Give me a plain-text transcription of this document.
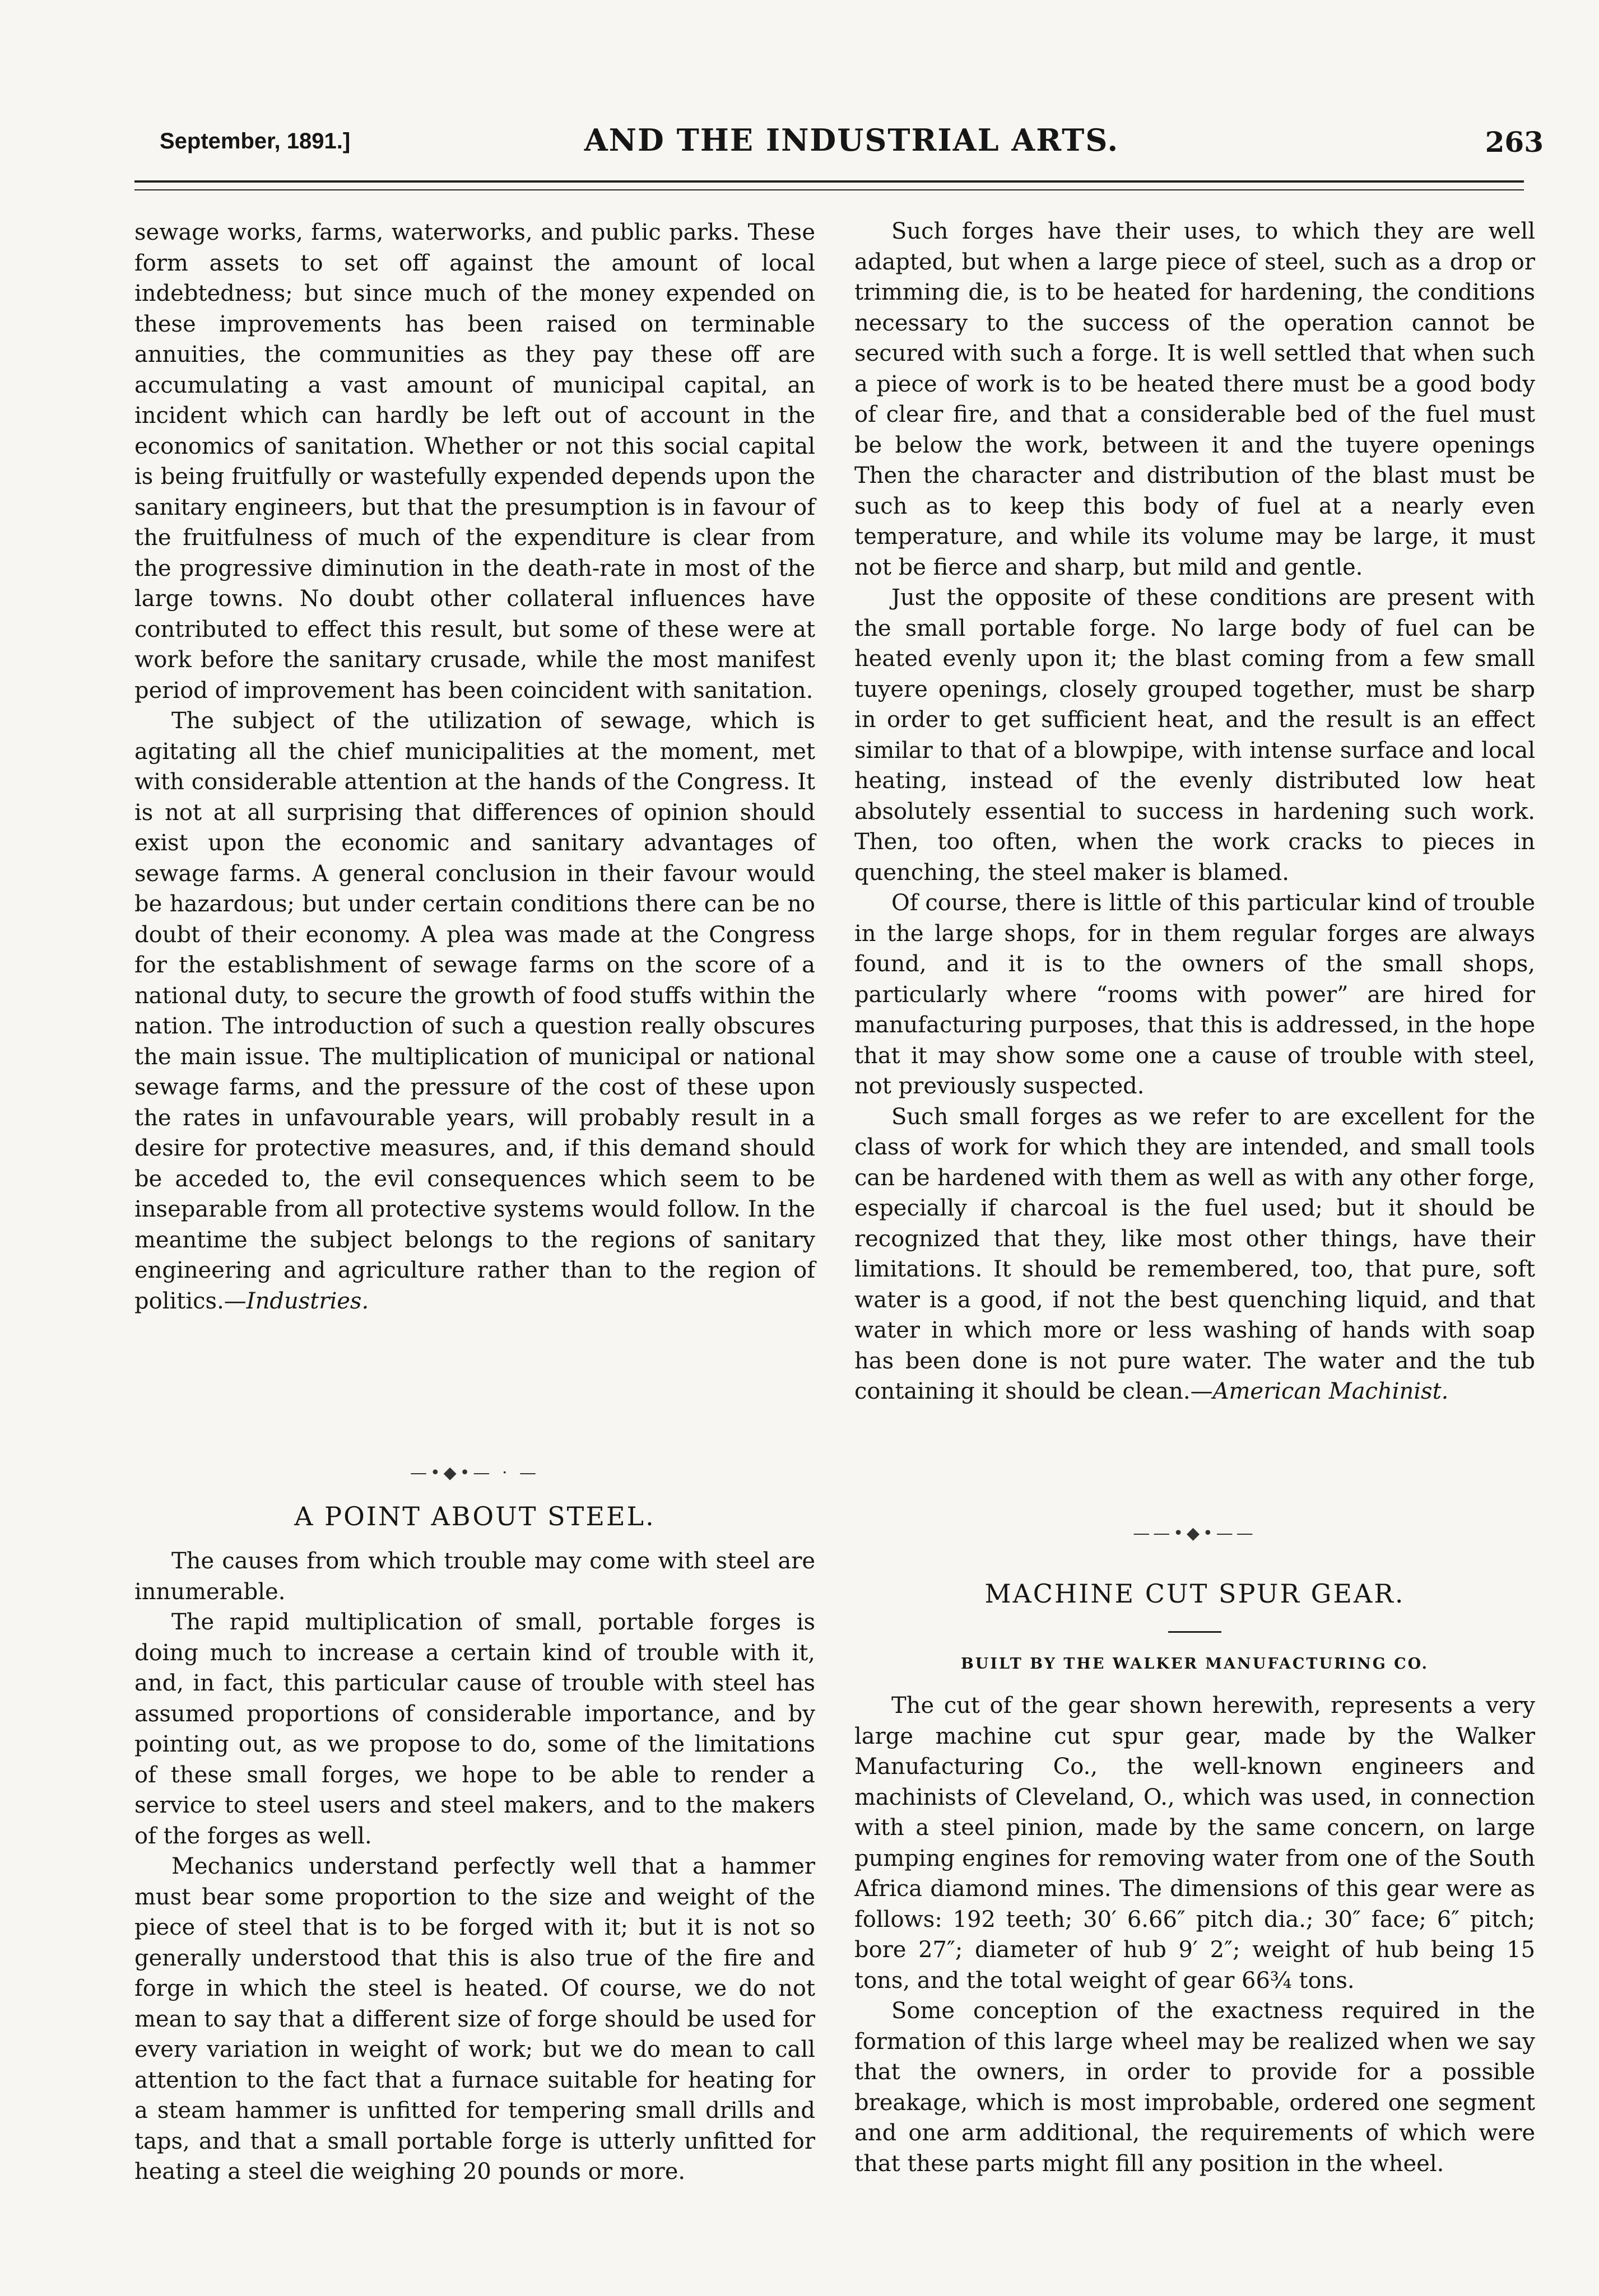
September, 1891.]	AND THE INDUSTRIAL ARTS.	263

sewage works, farms, waterworks, and public parks. These form assets to set off against the amount of local indebtedness; but since much of the money expended on these improvements has been raised on terminable annuities, the communities as they pay these off are accumulating a vast amount of municipal capital, an incident which can hardly be left out of account in the economics of sanitation. Whether or not this social capital is being fruitfully or wastefully expended depends upon the sanitary engineers, but that the presumption is in favour of the fruitfulness of much of the expenditure is clear from the progressive diminution in the death-rate in most of the large towns. No doubt other collateral influences have contributed to effect this result, but some of these were at work before the sanitary crusade, while the most manifest period of improvement has been coincident with sanitation.

The subject of the utilization of sewage, which is agitating all the chief municipalities at the moment, met with considerable attention at the hands of the Congress. It is not at all surprising that differences of opinion should exist upon the economic and sanitary advantages of sewage farms. A general conclusion in their favour would be hazardous; but under certain conditions there can be no doubt of their economy. A plea was made at the Congress for the establishment of sewage farms on the score of a national duty, to secure the growth of food stuffs within the nation. The introduction of such a question really obscures the main issue. The multiplication of municipal or national sewage farms, and the pressure of the cost of these upon the rates in unfavourable years, will probably result in a desire for protective measures, and, if this demand should be acceded to, the evil consequences which seem to be inseparable from all protective systems would follow. In the meantime the subject belongs to the regions of sanitary engineering and agriculture rather than to the region of politics.—Industries.

—•◆•— · —
A POINT ABOUT STEEL.

The causes from which trouble may come with steel are innumerable.

The rapid multiplication of small, portable forges is doing much to increase a certain kind of trouble with it, and, in fact, this particular cause of trouble with steel has assumed proportions of considerable importance, and by pointing out, as we propose to do, some of the limitations of these small forges, we hope to be able to render a service to steel users and steel makers, and to the makers of the forges as well.

Mechanics understand perfectly well that a hammer must bear some proportion to the size and weight of the piece of steel that is to be forged with it; but it is not so generally understood that this is also true of the fire and forge in which the steel is heated. Of course, we do not mean to say that a different size of forge should be used for every variation in weight of work; but we do mean to call attention to the fact that a furnace suitable for heating for a steam hammer is unfitted for tempering small drills and taps, and that a small portable forge is utterly unfitted for heating a steel die weighing 20 pounds or more.

Such forges have their uses, to which they are well adapted, but when a large piece of steel, such as a drop or trimming die, is to be heated for hardening, the conditions necessary to the success of the operation cannot be secured with such a forge. It is well settled that when such a piece of work is to be heated there must be a good body of clear fire, and that a considerable bed of the fuel must be below the work, between it and the tuyere openings Then the character and distribution of the blast must be such as to keep this body of fuel at a nearly even temperature, and while its volume may be large, it must not be fierce and sharp, but mild and gentle.

Just the opposite of these conditions are present with the small portable forge. No large body of fuel can be heated evenly upon it; the blast coming from a few small tuyere openings, closely grouped together, must be sharp in order to get sufficient heat, and the result is an effect similar to that of a blowpipe, with intense surface and local heating, instead of the evenly distributed low heat absolutely essential to success in hardening such work. Then, too often, when the work cracks to pieces in quenching, the steel maker is blamed.

Of course, there is little of this particular kind of trouble in the large shops, for in them regular forges are always found, and it is to the owners of the small shops, particularly where “rooms with power” are hired for manufacturing purposes, that this is addressed, in the hope that it may show some one a cause of trouble with steel, not previously suspected.

Such small forges as we refer to are excellent for the class of work for which they are intended, and small tools can be hardened with them as well as with any other forge, especially if charcoal is the fuel used; but it should be recognized that they, like most other things, have their limitations. It should be remembered, too, that pure, soft water is a good, if not the best quenching liquid, and that water in which more or less washing of hands with soap has been done is not pure water. The water and the tub containing it should be clean.—American Machinist.

——•◆•——
MACHINE CUT SPUR GEAR.
BUILT BY THE WALKER MANUFACTURING CO.

The cut of the gear shown herewith, represents a very large machine cut spur gear, made by the Walker Manufacturing Co., the well-known engineers and machinists of Cleveland, O., which was used, in connection with a steel pinion, made by the same concern, on large pumping engines for removing water from one of the South Africa diamond mines. The dimensions of this gear were as follows: 192 teeth; 30′ 6.66″ pitch dia.; 30″ face; 6″ pitch; bore 27″; diameter of hub 9′ 2″; weight of hub being 15 tons, and the total weight of gear 66¾ tons.

Some conception of the exactness required in the formation of this large wheel may be realized when we say that the owners, in order to provide for a possible breakage, which is most improbable, ordered one segment and one arm additional, the requirements of which were that these parts might fill any position in the wheel.
